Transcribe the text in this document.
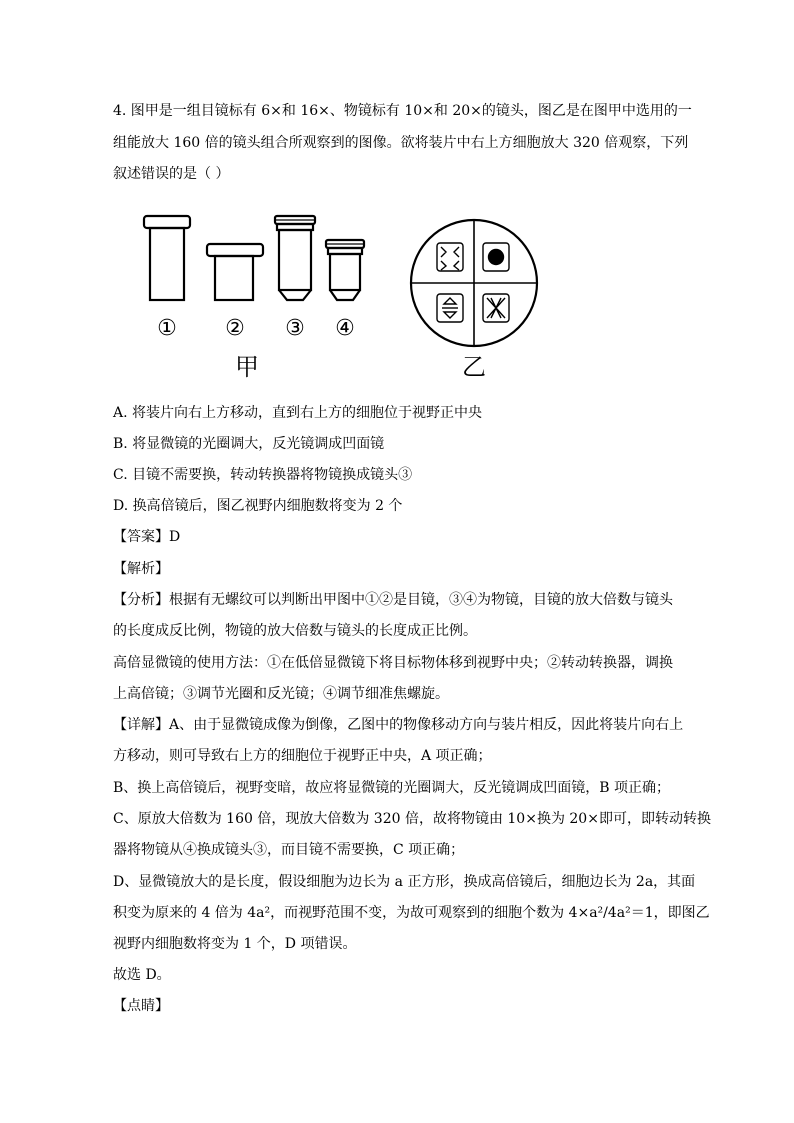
4. 图甲是一组目镜标有 6×和 16×、物镜标有 10×和 20×的镜头，图乙是在图甲中选用的一
组能放大 160 倍的镜头组合所观察到的图像。欲将装片中右上方细胞放大 320 倍观察，下列
叙述错误的是（ ）
① ② ③ ④
甲	乙
A. 将装片向右上方移动，直到右上方的细胞位于视野正中央
B. 将显微镜的光圈调大，反光镜调成凹面镜
C. 目镜不需要换，转动转换器将物镜换成镜头③
D. 换高倍镜后，图乙视野内细胞数将变为 2 个
【答案】D
【解析】
【分析】根据有无螺纹可以判断出甲图中①②是目镜，③④为物镜，目镜的放大倍数与镜头
的长度成反比例，物镜的放大倍数与镜头的长度成正比例。
高倍显微镜的使用方法：①在低倍显微镜下将目标物体移到视野中央；②转动转换器，调换
上高倍镜；③调节光圈和反光镜；④调节细准焦螺旋。
【详解】A、由于显微镜成像为倒像，乙图中的物像移动方向与装片相反，因此将装片向右上
方移动，则可导致右上方的细胞位于视野正中央，A 项正确；
B、换上高倍镜后，视野变暗，故应将显微镜的光圈调大，反光镜调成凹面镜，B 项正确；
C、原放大倍数为 160 倍，现放大倍数为 320 倍，故将物镜由 10×换为 20×即可，即转动转换
器将物镜从④换成镜头③，而目镜不需要换，C 项正确；
D、显微镜放大的是长度，假设细胞为边长为 a 正方形，换成高倍镜后，细胞边长为 2a，其面
积变为原来的 4 倍为 4a²，而视野范围不变，为故可观察到的细胞个数为 4×a²/4a²＝1，即图乙
视野内细胞数将变为 1 个，D 项错误。
故选 D。
【点睛】
